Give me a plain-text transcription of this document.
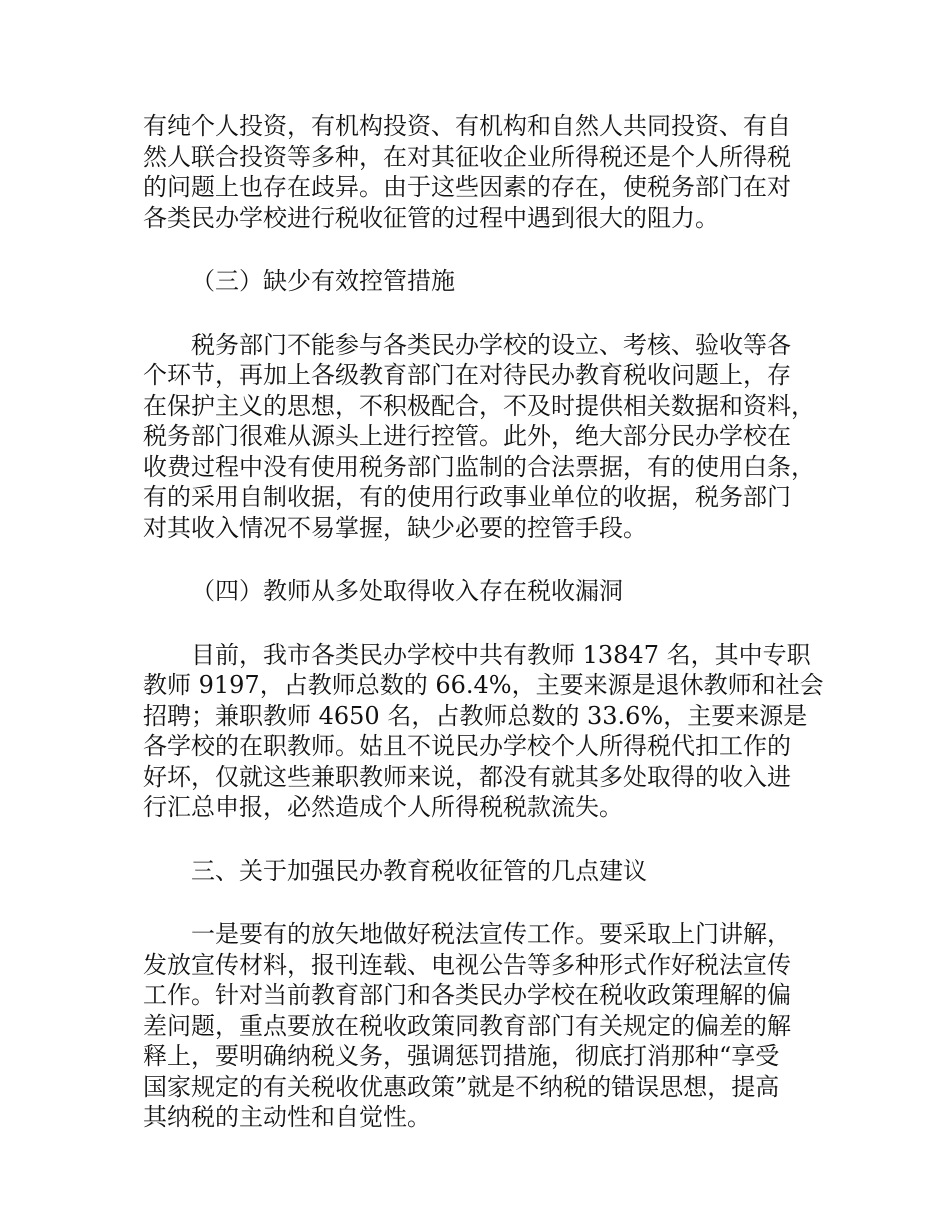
有纯个人投资，有机构投资、有机构和自然人共同投资、有自
然人联合投资等多种，在对其征收企业所得税还是个人所得税
的问题上也存在歧异。由于这些因素的存在，使税务部门在对
各类民办学校进行税收征管的过程中遇到很大的阻力。

（三）缺少有效控管措施

税务部门不能参与各类民办学校的设立、考核、验收等各
个环节，再加上各级教育部门在对待民办教育税收问题上，存
在保护主义的思想，不积极配合，不及时提供相关数据和资料，
税务部门很难从源头上进行控管。此外，绝大部分民办学校在
收费过程中没有使用税务部门监制的合法票据，有的使用白条，
有的采用自制收据，有的使用行政事业单位的收据，税务部门
对其收入情况不易掌握，缺少必要的控管手段。

（四）教师从多处取得收入存在税收漏洞

目前，我市各类民办学校中共有教师 13847 名，其中专职
教师 9197，占教师总数的 66.4%，主要来源是退休教师和社会
招聘；兼职教师 4650 名，占教师总数的 33.6%，主要来源是
各学校的在职教师。姑且不说民办学校个人所得税代扣工作的
好坏，仅就这些兼职教师来说，都没有就其多处取得的收入进
行汇总申报，必然造成个人所得税税款流失。

三、关于加强民办教育税收征管的几点建议

一是要有的放矢地做好税法宣传工作。要采取上门讲解，
发放宣传材料，报刊连载、电视公告等多种形式作好税法宣传
工作。针对当前教育部门和各类民办学校在税收政策理解的偏
差问题，重点要放在税收政策同教育部门有关规定的偏差的解
释上，要明确纳税义务，强调惩罚措施，彻底打消那种“享受
国家规定的有关税收优惠政策”就是不纳税的错误思想，提高
其纳税的主动性和自觉性。
